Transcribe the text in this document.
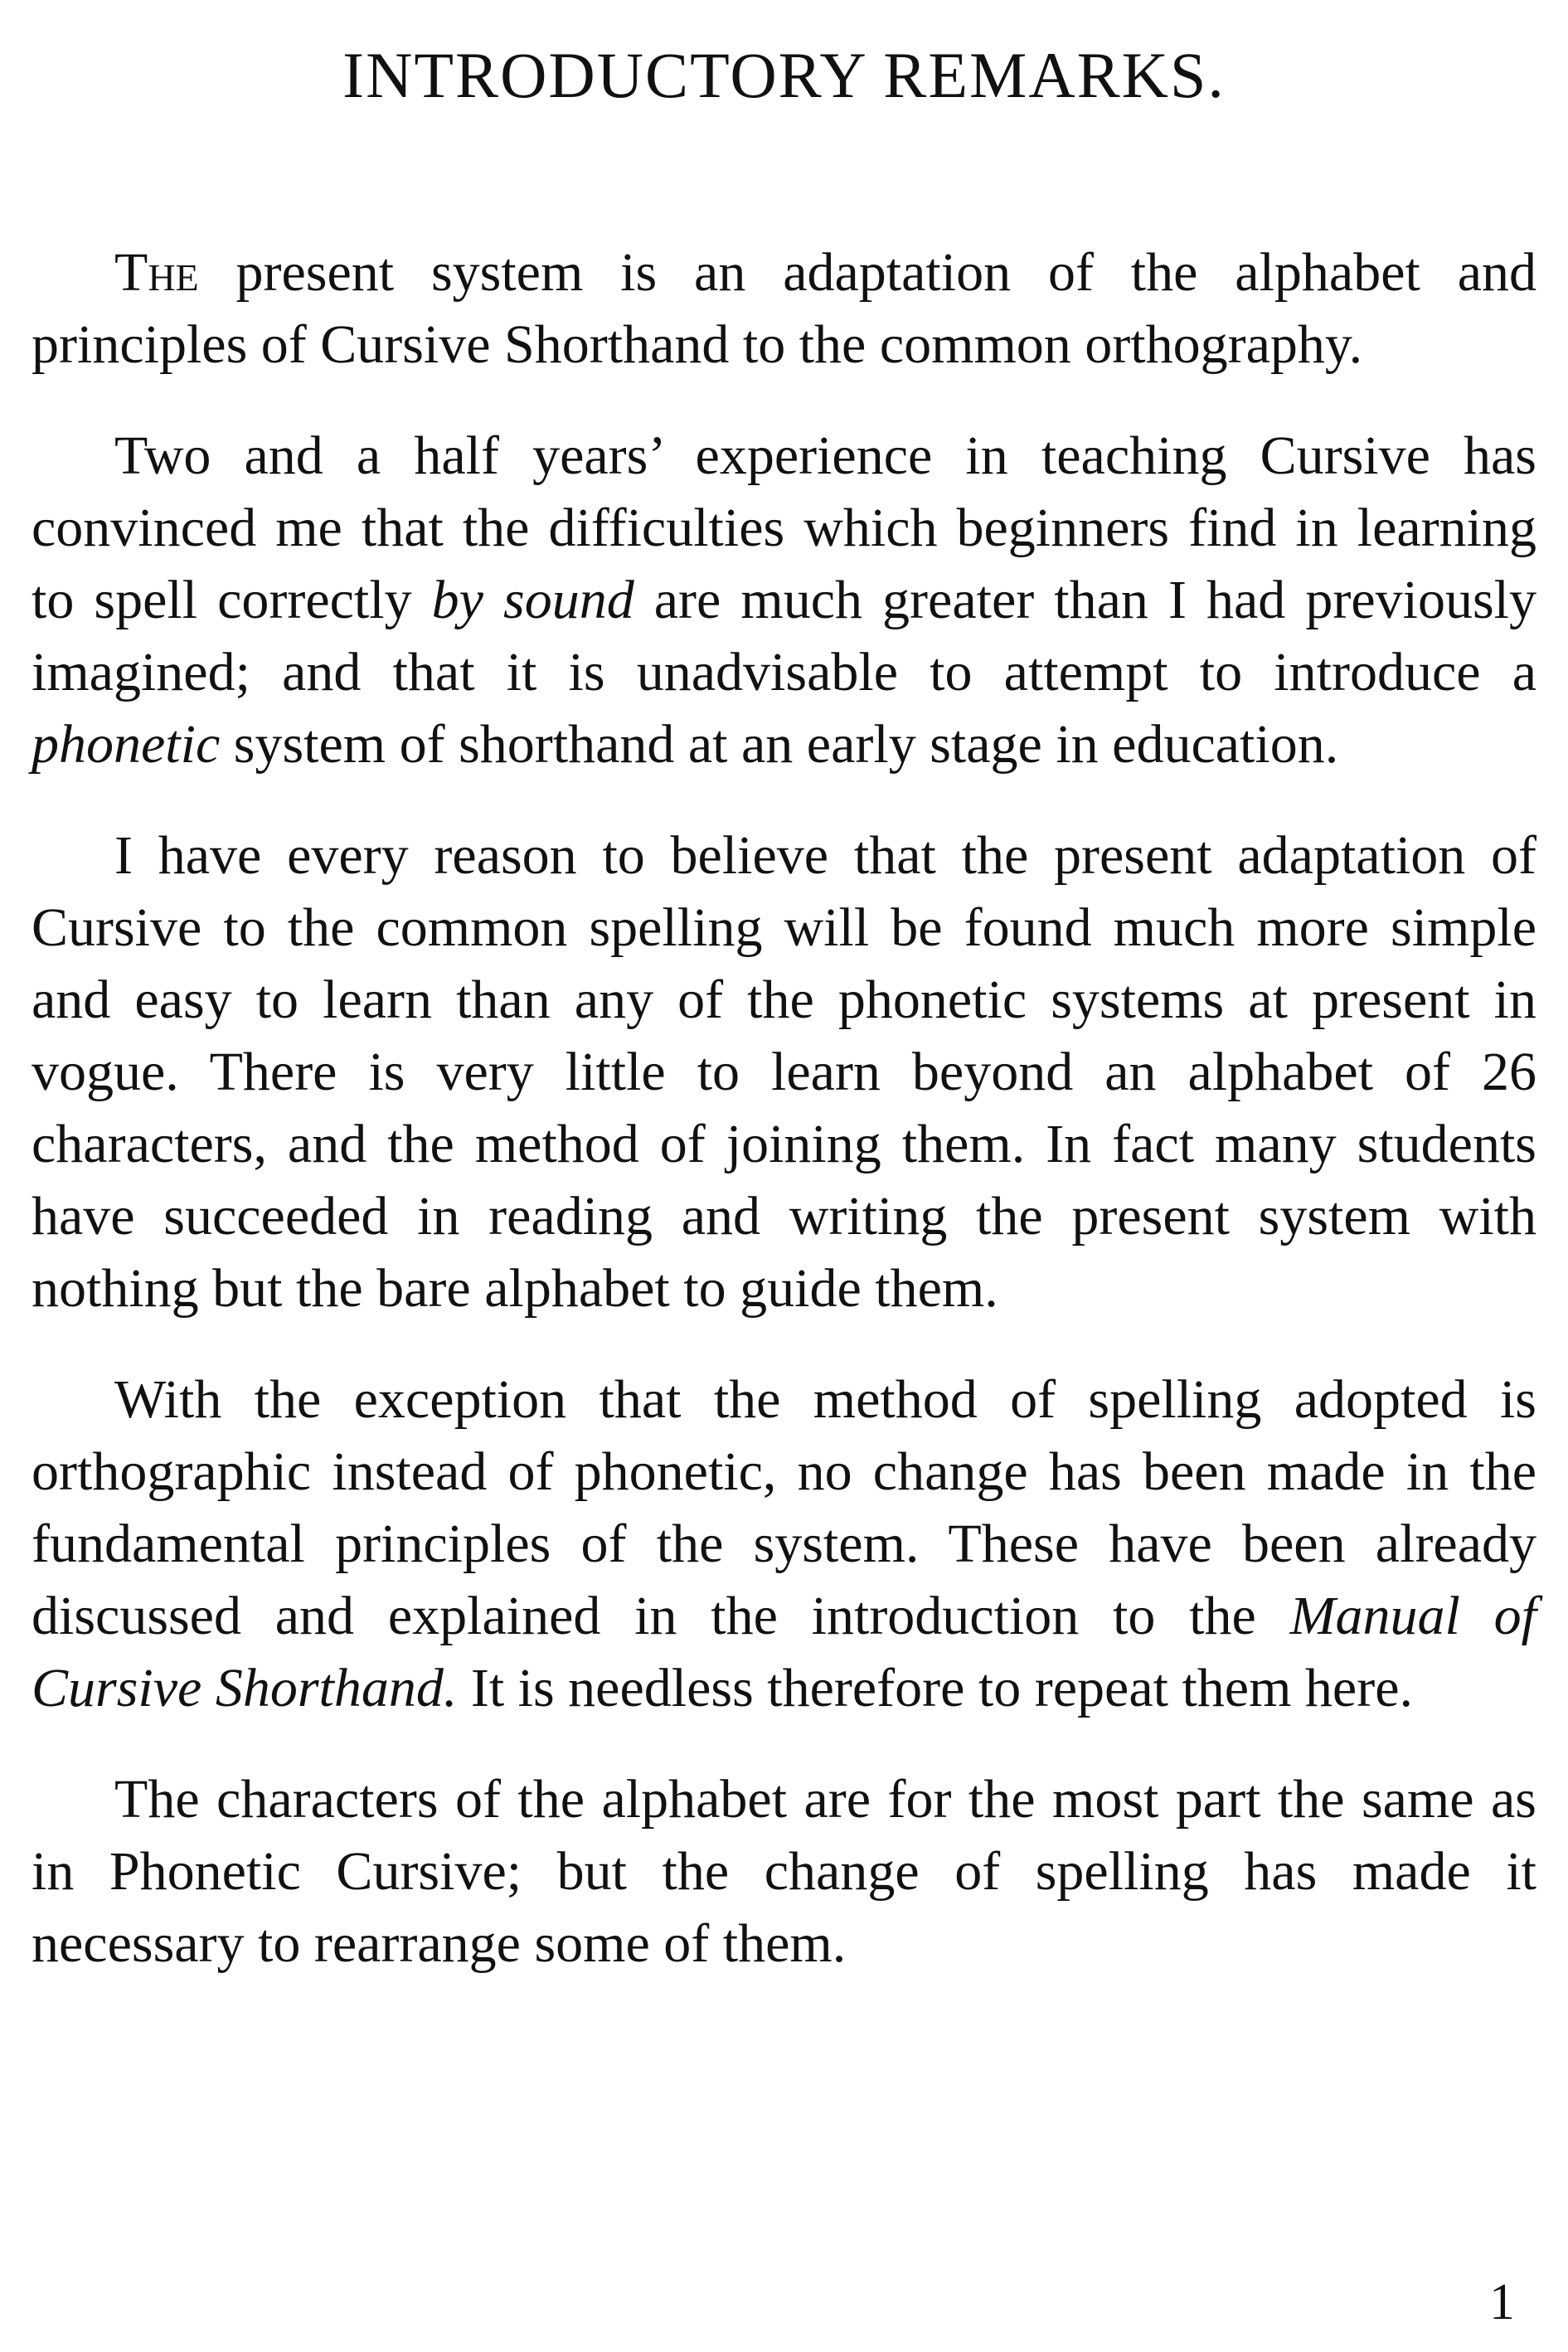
INTRODUCTORY REMARKS.

The present system is an adaptation of the alphabet and principles of Cursive Shorthand to the common orthography.

Two and a half years’ experience in teaching Cursive has convinced me that the difficulties which beginners find in learning to spell correctly by sound are much greater than I had previously imagined; and that it is unadvisable to attempt to introduce a phonetic system of shorthand at an early stage in education.

I have every reason to believe that the present adaptation of Cursive to the common spelling will be found much more simple and easy to learn than any of the phonetic systems at present in vogue. There is very little to learn beyond an alphabet of 26 characters, and the method of joining them. In fact many students have succeeded in reading and writing the present system with nothing but the bare alphabet to guide them.

With the exception that the method of spelling adopted is orthographic instead of phonetic, no change has been made in the fundamental principles of the system. These have been already discussed and explained in the introduction to the Manual of Cursive Shorthand. It is needless therefore to repeat them here.

The characters of the alphabet are for the most part the same as in Phonetic Cursive; but the change of spelling has made it necessary to rearrange some of them.

1
